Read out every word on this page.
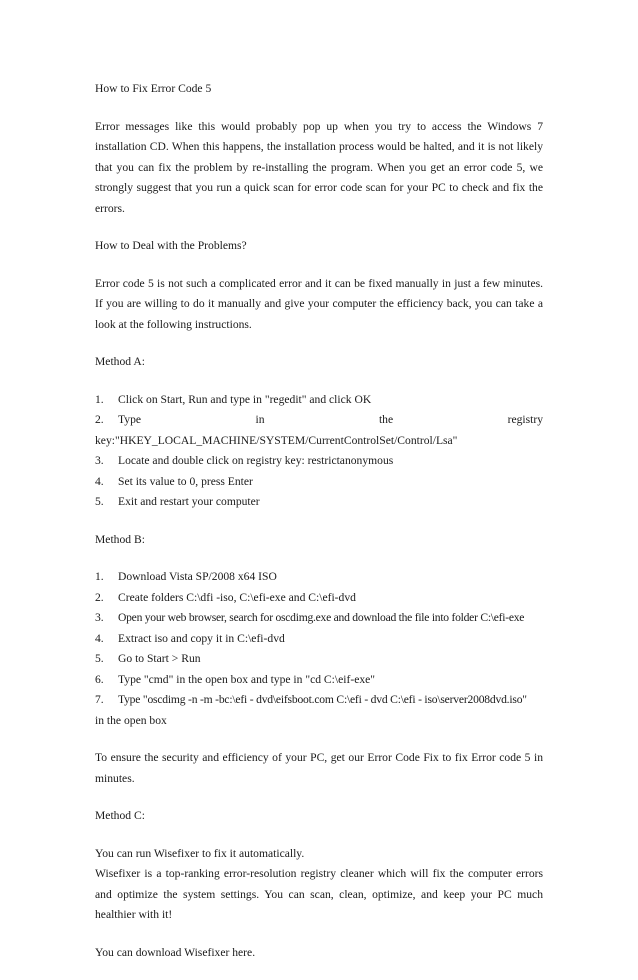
How to Fix Error Code 5

Error messages like this would probably pop up when you try to access the Windows 7 installation CD. When this happens, the installation process would be halted, and it is not likely that you can fix the problem by re-installing the program. When you get an error code 5, we strongly suggest that you run a quick scan for error code scan for your PC to check and fix the errors.

How to Deal with the Problems?

Error code 5 is not such a complicated error and it can be fixed manually in just a few minutes. If you are willing to do it manually and give your computer the efficiency back, you can take a look at the following instructions.

Method A:
1. Click on Start, Run and type in "regedit" and click OK
2. Type	in	the	registry
key:"HKEY_LOCAL_MACHINE/SYSTEM/CurrentControlSet/Control/Lsa"
3. Locate and double click on registry key: restrictanonymous
4. Set its value to 0, press Enter
5. Exit and restart your computer
Method B:
1. Download Vista SP/2008 x64 ISO
2. Create folders C:\dfi -iso, C:\efi-exe and C:\efi-dvd
3. Open your web browser, search for oscdimg.exe and download the file into folder C:\efi-exe
4. Extract iso and copy it in C:\efi-dvd
5. Go to Start > Run
6. Type "cmd" in the open box and type in "cd C:\eif-exe"
7. Type "oscdimg -n -m -bc:\efi - dvd\eifsboot.com C:\efi - dvd C:\efi - iso\server2008dvd.iso"
in the open box

To ensure the security and efficiency of your PC, get our Error Code Fix to fix Error code 5 in minutes.

Method C:
You can run Wisefixer to fix it automatically.
Wisefixer is a top-ranking error-resolution registry cleaner which will fix the computer errors and optimize the system settings. You can scan, clean, optimize, and keep your PC much healthier with it!

You can download Wisefixer here.
